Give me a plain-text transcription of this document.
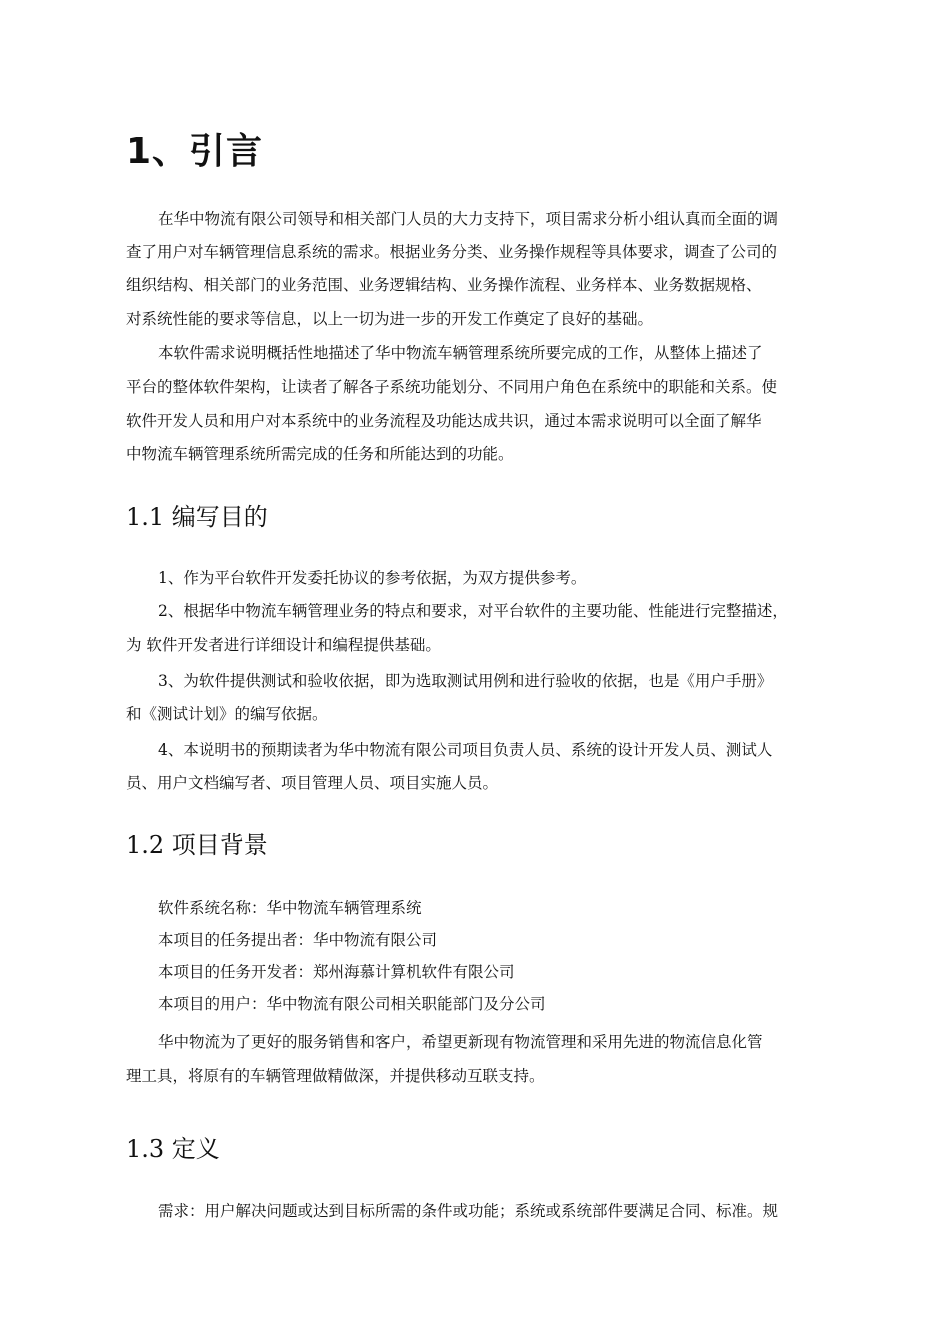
1、引言

在华中物流有限公司领导和相关部门人员的大力支持下，项目需求分析小组认真而全面的调

查了用户对车辆管理信息系统的需求。根据业务分类、业务操作规程等具体要求，调查了公司的

组织结构、相关部门的业务范围、业务逻辑结构、业务操作流程、业务样本、业务数据规格、

对系统性能的要求等信息，以上一切为进一步的开发工作奠定了良好的基础。

本软件需求说明概括性地描述了华中物流车辆管理系统所要完成的工作，从整体上描述了

平台的整体软件架构，让读者了解各子系统功能划分、不同用户角色在系统中的职能和关系。使

软件开发人员和用户对本系统中的业务流程及功能达成共识，通过本需求说明可以全面了解华

中物流车辆管理系统所需完成的任务和所能达到的功能。

1.1 编写目的

1、作为平台软件开发委托协议的参考依据，为双方提供参考。

2、根据华中物流车辆管理业务的特点和要求，对平台软件的主要功能、性能进行完整描述，

为 软件开发者进行详细设计和编程提供基础。

3、为软件提供测试和验收依据，即为选取测试用例和进行验收的依据，也是《用户手册》

和《测试计划》的编写依据。

4、本说明书的预期读者为华中物流有限公司项目负责人员、系统的设计开发人员、测试人

员、用户文档编写者、项目管理人员、项目实施人员。

1.2 项目背景

软件系统名称：华中物流车辆管理系统

本项目的任务提出者：华中物流有限公司

本项目的任务开发者：郑州海慕计算机软件有限公司

本项目的用户：华中物流有限公司相关职能部门及分公司

华中物流为了更好的服务销售和客户，希望更新现有物流管理和采用先进的物流信息化管

理工具，将原有的车辆管理做精做深，并提供移动互联支持。

1.3 定义

需求：用户解决问题或达到目标所需的条件或功能；系统或系统部件要满足合同、标准。规
